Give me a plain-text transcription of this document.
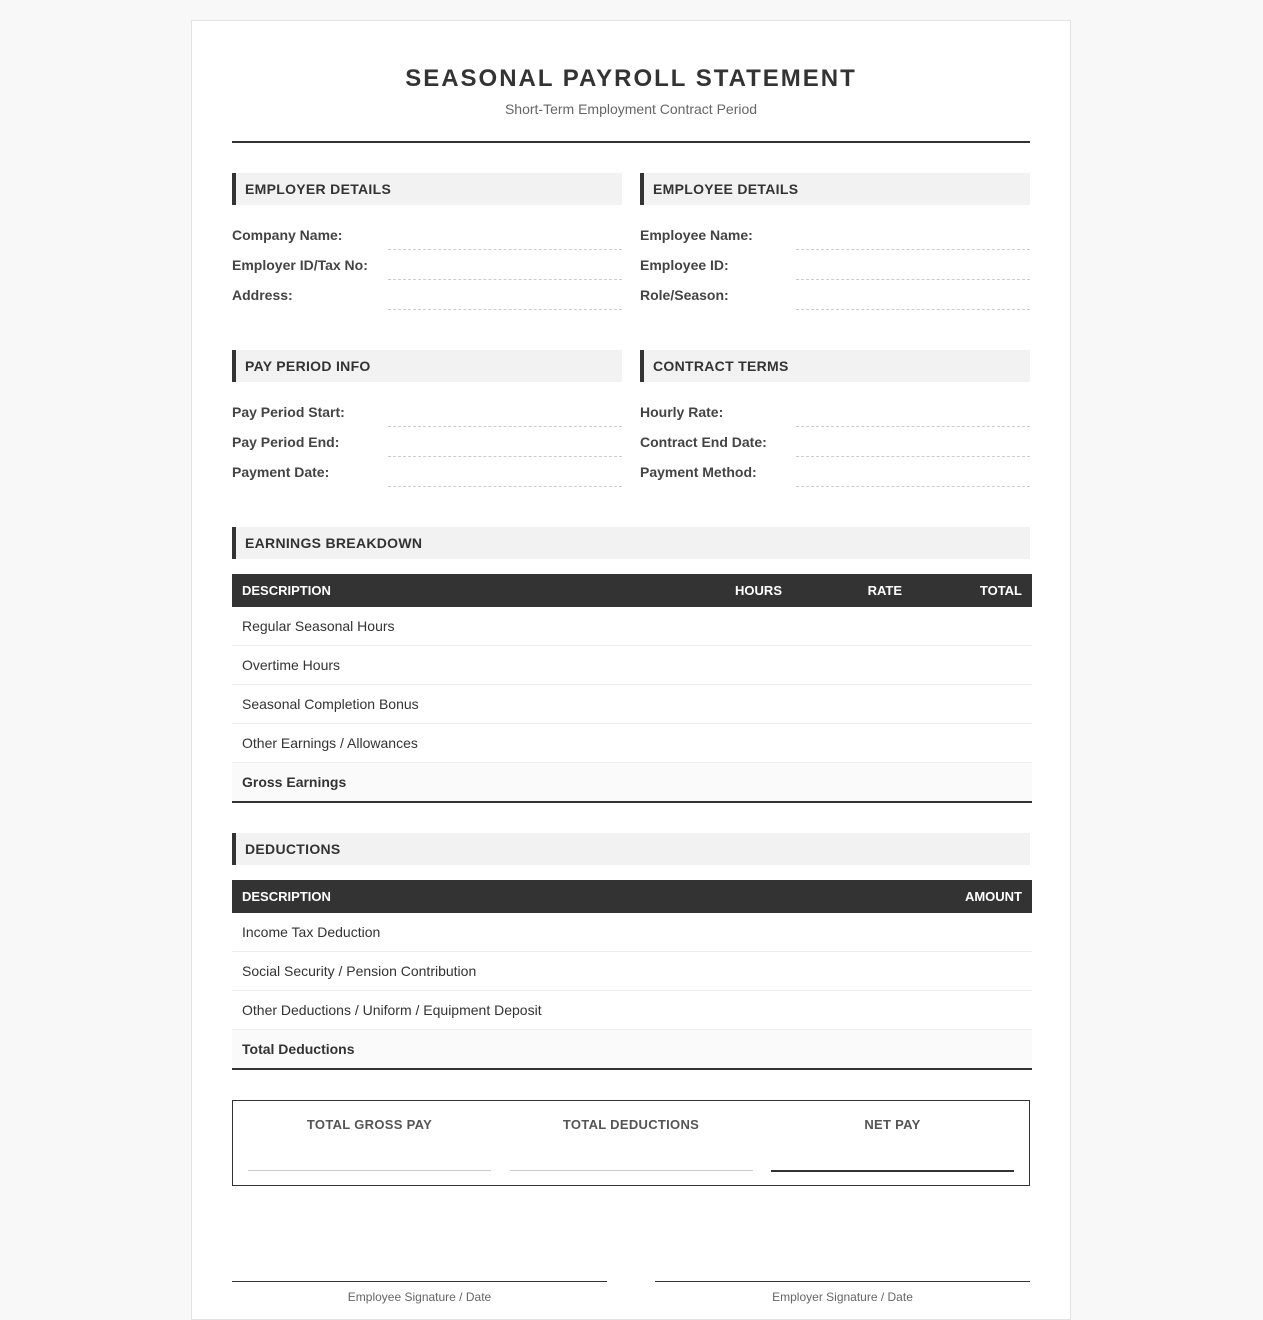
SEASONAL PAYROLL STATEMENT
Short-Term Employment Contract Period
EMPLOYER DETAILS
Company Name:
Employer ID/Tax No:
Address:
EMPLOYEE DETAILS
Employee Name:
Employee ID:
Role/Season:
PAY PERIOD INFO
Pay Period Start:
Pay Period End:
Payment Date:
CONTRACT TERMS
Hourly Rate:
Contract End Date:
Payment Method:
EARNINGS BREAKDOWN
DESCRIPTION	HOURS	RATE	TOTAL
Regular Seasonal Hours			
Overtime Hours			
Seasonal Completion Bonus			
Other Earnings / Allowances			
Gross Earnings			
DEDUCTIONS
DESCRIPTION	AMOUNT
Income Tax Deduction	
Social Security / Pension Contribution	
Other Deductions / Uniform / Equipment Deposit	
Total Deductions	
TOTAL GROSS PAY	TOTAL DEDUCTIONS	NET PAY
Employee Signature / Date	Employer Signature / Date
